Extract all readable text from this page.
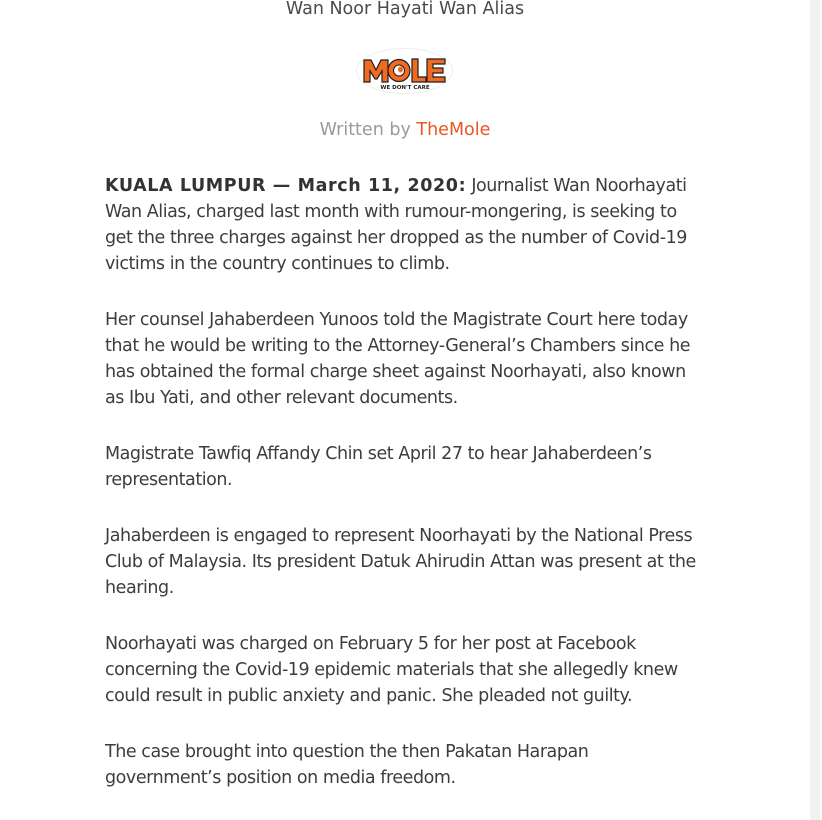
Wan Noor Hayati Wan Alias
WE DON'T CARE
Written by TheMole

KUALA LUMPUR — March 11, 2020: Journalist Wan Noorhayati Wan Alias, charged last month with rumour-mongering, is seeking to get the three charges against her dropped as the number of Covid-19 victims in the country continues to climb.

Her counsel Jahaberdeen Yunoos told the Magistrate Court here today that he would be writing to the Attorney-General’s Chambers since he has obtained the formal charge sheet against Noorhayati, also known as Ibu Yati, and other relevant documents.

Magistrate Tawfiq Affandy Chin set April 27 to hear Jahaberdeen’s representation.

Jahaberdeen is engaged to represent Noorhayati by the National Press Club of Malaysia. Its president Datuk Ahirudin Attan was present at the hearing.

Noorhayati was charged on February 5 for her post at Facebook concerning the Covid-19 epidemic materials that she allegedly knew could result in public anxiety and panic. She pleaded not guilty.

The case brought into question the then Pakatan Harapan government’s position on media freedom.
